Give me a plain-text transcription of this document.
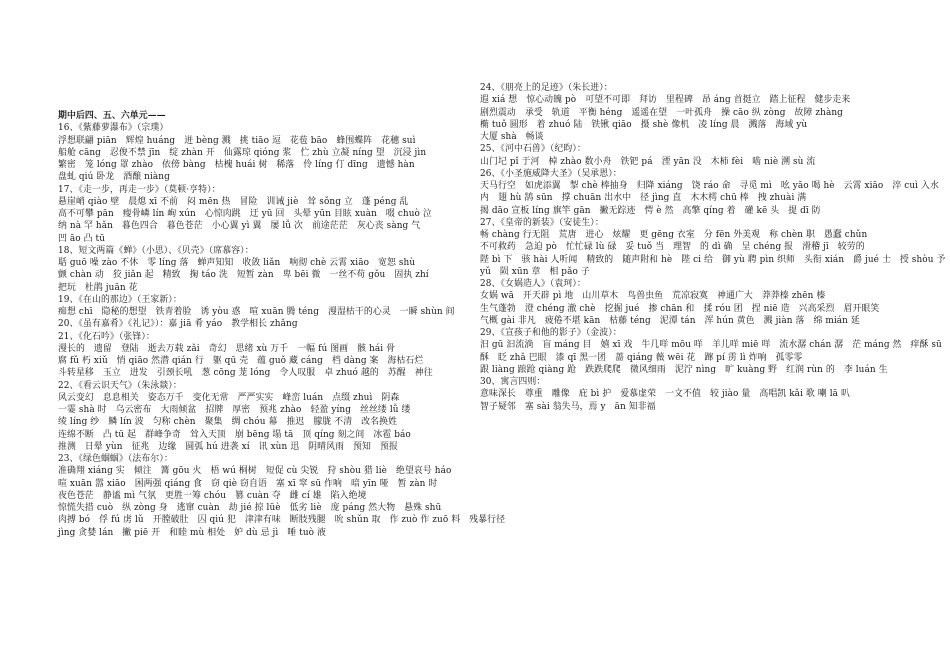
期中后四、五、六单元——
16、《紫藤萝瀑布》（宗璞）
浮想联翩 piān　辉煌 huáng　迸 bèng 溅　挑 tiāo 逗　花苞 bāo　蜂围蝶阵　花穗 suì
船舱 cāng　忍俊不禁 jīn　绽 zhàn 开　仙露琼 qióng 浆　伫 zhù 立凝 níng 望　沉浸 jìn
繁密　笼 lóng 罩 zhào　依傍 bàng　枯槐 huái 树　稀落　伶 líng 仃 dīng　遗憾 hàn
盘虬 qiú 卧龙　酒酿 niàng
17、《走一步，再走一步》（莫顿·亨特）：
悬崖峭 qiào 壁　晨熄 xī 不前　闷 mēn 热　冒险　训诫 jiè　耸 sǒng 立　蓬 péng 乱
高不可攀 pān　瘦骨嶙 lín 峋 xún　心惊肉跳　迂 yū 回　头晕 yūn 目眩 xuàn　啜 chuò 泣
纳 nà 罕 hǎn　暮色四合　暮色苍茫　小心翼 yì 翼　屡 lǚ 次　前途茫茫　灰心丧 sàng 气
凹 āo 凸 tū
18、短文两篇《蝉》（小思）、《贝壳》（席慕容）：
聒 guō 噪 zào 不休　零 líng 落　蝉声知知　收敛 liǎn　响彻 chè 云霄 xiāo　宽恕 shù
颤 chàn 动　狡 jiǎn 起　精致　掬 táo 洗　短暂 zàn　卑 bēi 微　一丝不苟 gǒu　固执 zhí
把玩　杜鹃 juān 花
19、《在山的那边》（王家新）：
痴想 chī　隐秘的想望　铁青着脸　诱 yòu 惑　喧 xuān 腾 téng　漫湿枯干的心灵　一瞬 shùn 间
20、《虽有嘉肴》《礼记》）：嘉 jiā 肴 yáo　教学相长 zhǎng
21、《化石吟》（张锋）：
漫长的　遗留　登陆　逝去万载 zǎi　奇幻　思绪 xù 万千　一幅 fú 图画　骸 hái 骨
腐 fǔ 朽 xiǔ　悄 qiāo 然潜 qián 行　躯 qū 壳　蕴 guǒ 藏 cáng　档 dàng 案　海枯石烂
斗转星移　玉立　进发　引颈长吼　葱 cōng 茏 lóng　令人叹服　卓 zhuó 越的　苏醒　神往
22、《看云识天气》（朱泳燚）：
风云变幻　息息相关　姿态万千　变化无常　严严实实　峰峦 luán　点缀 zhuì　阴森
一霎 shà 时　乌云密布　大雨倾盆　招牌　厚密　预兆 zhào　轻盈 yíng　丝丝缕 lǚ 缕
绫 líng 纱　鳞 lín 波　匀称 chèn　聚集　绸 chóu 幕　推迟　朦胧 不清　改名换姓
连绵不断　凸 tū 起　群峰争奇　耸入天顶　崩 bēng 塌 tā　顶 qíng 刻之间　冰雹 báo
推测　日晕 yùn　征兆　边缘　圆弧 hú 进袭 xí　讯 xùn 迅　阴晴风雨　预知　预报
23、《绿色蝈蝈》（法布尔）：
准确翔 xiáng 实　倾注　篝 gōu 火　梧 wú 桐树　短促 cù 尖锐　狩 shòu 猎 liè　绝望哀号 háo
喧 xuān 嚣 xiāo　困两强 qiáng 食　窃 qiè 窃自语　塞 xī 窣 sū 作响　喑 yīn 哑　暂 zàn 时
夜色苍茫　静谧 mì 气氛　更胜一筹 chóu　篡 cuàn 夺　雌 cí 雄　陷入绝境
惊慌失措 cuò　纵 zòng 身　逃窜 cuàn　劫 jié 掠 lüè　低劣 liè　庞 páng 然大物　悬殊 shū
肉搏 bó　俘 fú 虏 lǔ　开膛破肚　囚 qiú 犯　津津有味　断肢残腿　吮 shǔn 取　作 zuò 作 zuō 料　残暴行径
jìng 贪婪 lán　撇 piē 开　和睦 mù 相处　妒 dù 忌 jì　唾 tuò 液
24、《朋亮上的足迹》（朱长进）：
遐 xiá 想　惊心动魄 pò　可望不可即　拜访　里程碑　昂 áng 首挺立　踏上征程　健步走来
剧烈震动　承受　轨道　平衡 héng　遥遥在望　一叶孤舟　操 cāo 纵 zòng　故障 zhàng
椭 tuǒ 圆形　着 zhuó 陆　铁锹 qiāo　摄 shè 像机　凌 líng 晨　溅落　海域 yù
大厦 shà　畅谈
25、《河中石兽》（纪昀）：
山门圮 pǐ 于河　棹 zhào 数小舟　铁钯 pá　湮 yān 没　木柿 fèi　啮 niè 溯 sù 流
26、《小圣施威降大圣》（吴承恩）：
天马行空　如虎添翼　掣 chè 棒抽身　归降 xiáng　饶 ráo 命　寻觅 mì　吆 yāo 喝 hè　云霄 xiāo　淬 cuì 入水
内　翅 hù 鹄 sūn　撑 chuān 出水中　径 jìng 直　木木樗 chū 棒　拽 zhuài 满
揭 dāo 宣板 líng 旗竿 gān　撇无踪迹　愕 è 然　高擎 qíng 着　礶 kē 头　提 dī 防
27、《皇帝的新装》（安徒生）：
畅 chàng 行无阻　荒唐　进心　炫耀　更 gēng 衣室　分 fēn 外美观　称 chèn 职　愚蠢 chǔn
不可救药　急迫 pò　忙忙碌 lù 碌　妥 tuǒ 当　理智　的 dì 确　呈 chéng 报　滑稽 jī　较劳的
陛 bì 下　骇 hài 人听闻　精致的　随声附和 hè　陛 ci 给　御 yù 聘 pìn 织师　头衔 xián　爵 jué 士　授 shòu 予
yǔ　陨 xūn 章　相 pǎo 子
28、《女娲造人》（袁珂）：
女娲 wā　开天辟 pì 地　山川草木　鸟兽虫鱼　荒凉寂寞　神通广大　莽莽榛 zhēn 榛
生气蓬勃　澄 chéng 澈 chè　挖掘 jué　掺 chān 和　揉 róu 团　捏 niē 造　兴高采烈　眉开眼笑
气概 gài 非凡　疲倦不堪 kān　枯藤 téng　泥潭 tán　浑 hún 黄色　溅 jiàn 落　绵 mián 延
29、《宣孩子和他的影子》（金波）：
汩 gū 汩流淌　盲 máng 目　嬉 xī 戏　牛几咩 mōu 咩　羊儿咩 miē 咩　流水潺 chán 潺　茫 máng 然　痒酥 sū
酥　眨 zhǎ 巴眼　漆 qī 黑一团　蔷 qiáng 薇 wēi 花　蹿 pí 雳 lì 炸响　孤零零
跟 liàng 踉跄 qiàng 跄　跌跌爬爬　微风细雨　泥泞 nìng　旷 kuàng 野　红润 rùn 的　李 luán 生
30、寓言四则：
意味深长　尊重　雕像　庇 bì 护　爱慕虚荣　一文不值　较 jiào 量　高唱凯 kǎi 歌 喇 lā 叭
智子疑邻　塞 sài 翁失马，焉 y　ān 知非福
